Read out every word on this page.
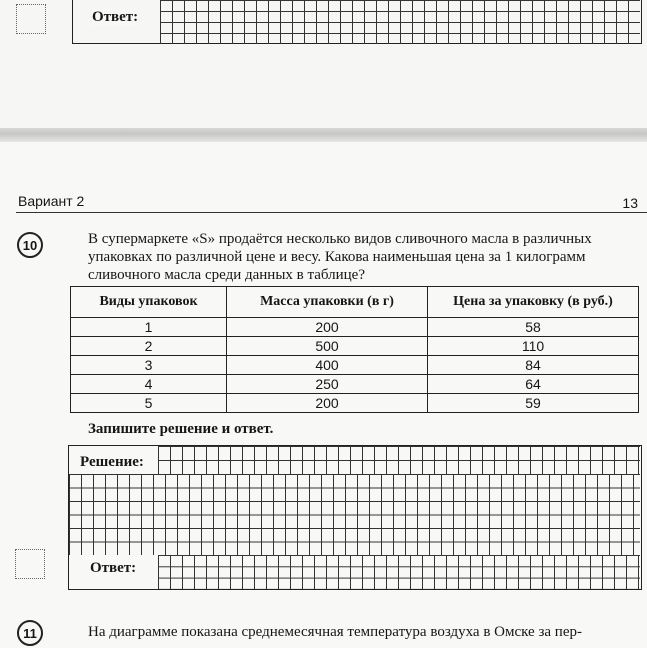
Ответ:
Вариант 2	13
10	В супермаркете «S» продаётся несколько видов сливочного масла в различных упаковках по различной цене и весу. Какова наименьшая цена за 1 килограмм сливочного масла среди данных в таблице?
Виды упаковок	Масса упаковки (в г)	Цена за упаковку (в руб.)
1	200	58
2	500	110
3	400	84
4	250	64
5	200	59
Запишите решение и ответ.
Решение:
Ответ:
11	На диаграмме показана среднемесячная температура воздуха в Омске за пер-
